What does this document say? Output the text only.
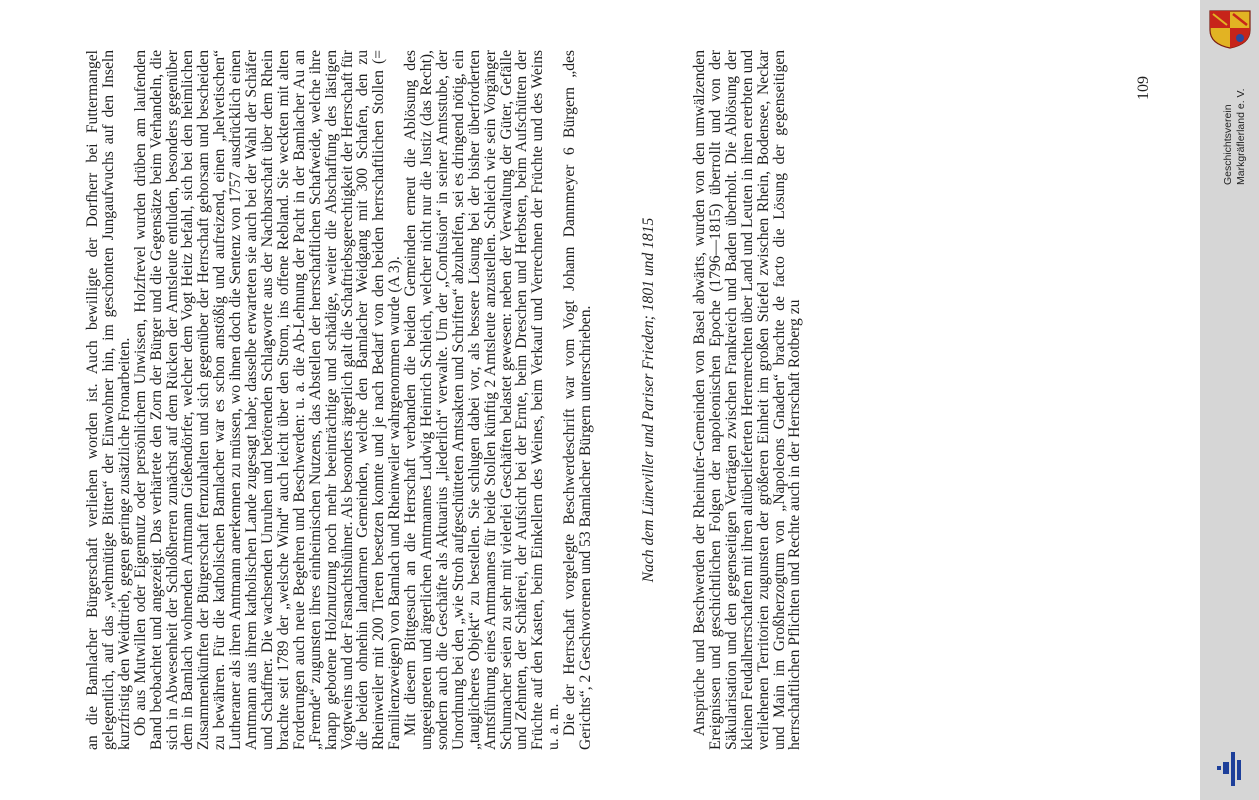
an die Bamlacher Bürgerschaft verliehen worden ist. Auch bewilligte der Dorfherr bei Futtermangel gelegentlich, auf das „wehmütige Bitten“ der Einwohner hin, im geschonten Jungaufwuchs auf den Inseln kurzfristig den Weidtrieb, gegen geringe zusätzliche Fronarbeiten.

Ob aus Mutwillen oder Eigennutz oder persönlichem Unwissen, Holzfrevel wurden drüben am laufenden Band beobachtet und angezeigt. Das verhärtete den Zorn der Bürger und die Gegensätze beim Verhandeln, die sich in Abwesenheit der Schloßherren zunächst auf dem Rücken der Amtsleute entluden, besonders gegenüber dem in Bamlach wohnenden Amtmann Gießendörfer, welcher dem Vogt Heitz befahl, sich bei den heimlichen Zusammenkünften der Bürgerschaft fernzuhalten und sich gegenüber der Herrschaft gehorsam und bescheiden zu bewähren. Für die katholischen Bamlacher war es schon anstößig und aufreizend, einen „helvetischen“ Lutheraner als ihren Amtmann anerkennen zu müssen, wo ihnen doch die Sentenz von 1757 ausdrücklich einen Amtmann aus ihrem katholischen Lande zugesagt habe; dasselbe erwarteten sie auch bei der Wahl der Schäfer und Schaffner. Die wachsenden Unruhen und betörenden Schlagworte aus der Nachbarschaft über dem Rhein brachte seit 1789 der „welsche Wind“ auch leicht über den Strom, ins offene Rebland. Sie weckten mit alten Forderungen auch neue Begehren und Beschwerden: u. a. die Ab-Lehnung der Pacht in der Bamlacher Au an „Fremde“ zugunsten ihres einheimischen Nutzens, das Abstellen der herrschaftlichen Schafweide, welche ihre knapp gebotene Holznutzung noch mehr beeinträchtige und schädige, weiter die Abschaffung des lästigen Vogtweins und der Fasnachtshühner. Als besonders ärgerlich galt die Schaftriebsgerechtigkeit der Herrschaft für die beiden ohnehin landarmen Gemeinden, welche den Bamlacher Weidgang mit 300 Schafen, den zu Rheinweiler mit 200 Tieren besetzen konnte und je nach Bedarf von den beiden herrschaftlichen Stollen (= Familienzweigen) von Bamlach und Rheinweiler wahrgenommen wurde (A 3).

Mit diesem Bittgesuch an die Herrschaft verbanden die beiden Gemeinden erneut die Ablösung des ungeeigneten und ärgerlichen Amtmannes Ludwig Heinrich Schleich, welcher nicht nur die Justiz (das Recht), sondern auch die Geschäfte als Aktuarius „liederlich“ verwalte. Um der „Confusion“ in seiner Amtsstube, der Unordnung bei den „wie Stroh aufgeschütteten Amtsakten und Schriften“ abzuhelfen, sei es dringend nötig, ein „tauglicheres Objekt“ zu bestellen. Sie schlugen dabei vor, als bessere Lösung bei der bisher überforderten Amtsführung eines Amtmannes für beide Stollen künftig 2 Amtsleute anzustellen. Schleich wie sein Vorgänger Schumacher seien zu sehr mit vielerlei Geschäften belastet gewesen: neben der Verwaltung der Güter, Gefälle und Zehnten, der Schäferei, der Aufsicht bei der Ernte, beim Dreschen und Herbsten, beim Aufschütten der Früchte auf den Kasten, beim Einkellern des Weines, beim Verkauf und Verrechnen der Früchte und des Weins u. a. m.

Die der Herrschaft vorgelegte Beschwerdeschrift war vom Vogt Johann Dannmeyer 6 Bürgern „des Gerichts“, 2 Geschworenen und 53 Bamlacher Bürgern unterschrieben.	Nach dem Lüneviller und Pariser Frieden; 1801 und 1815 Ansprüche und Beschwerden der Rheinufer-Gemeinden von Basel abwärts, wurden von den umwälzenden Ereignissen und geschichtlichen Folgen der napoleonischen Epoche (1796—1815) überrollt und von der Säkularisation und den gegenseitigen Verträgen zwischen Frankreich und Baden überholt. Die Ablösung der kleinen Feudalherrschaften mit ihren altüberlieferten Herrenrechten über Land und Leuten in ihren ererbten und verliehenen Territorien zugunsten der größeren Einheit im großen Stiefel zwischen Rhein, Bodensee, Neckar und Main im Großherzogtum von „Napoleons Gnaden“ brachte de facto die Lösung der gegenseitigen herrschaftlichen Pflichten und Rechte auch in der Herrschaft Rotberg zu

109
Geschichtsverein Markgräflerland e. V.
